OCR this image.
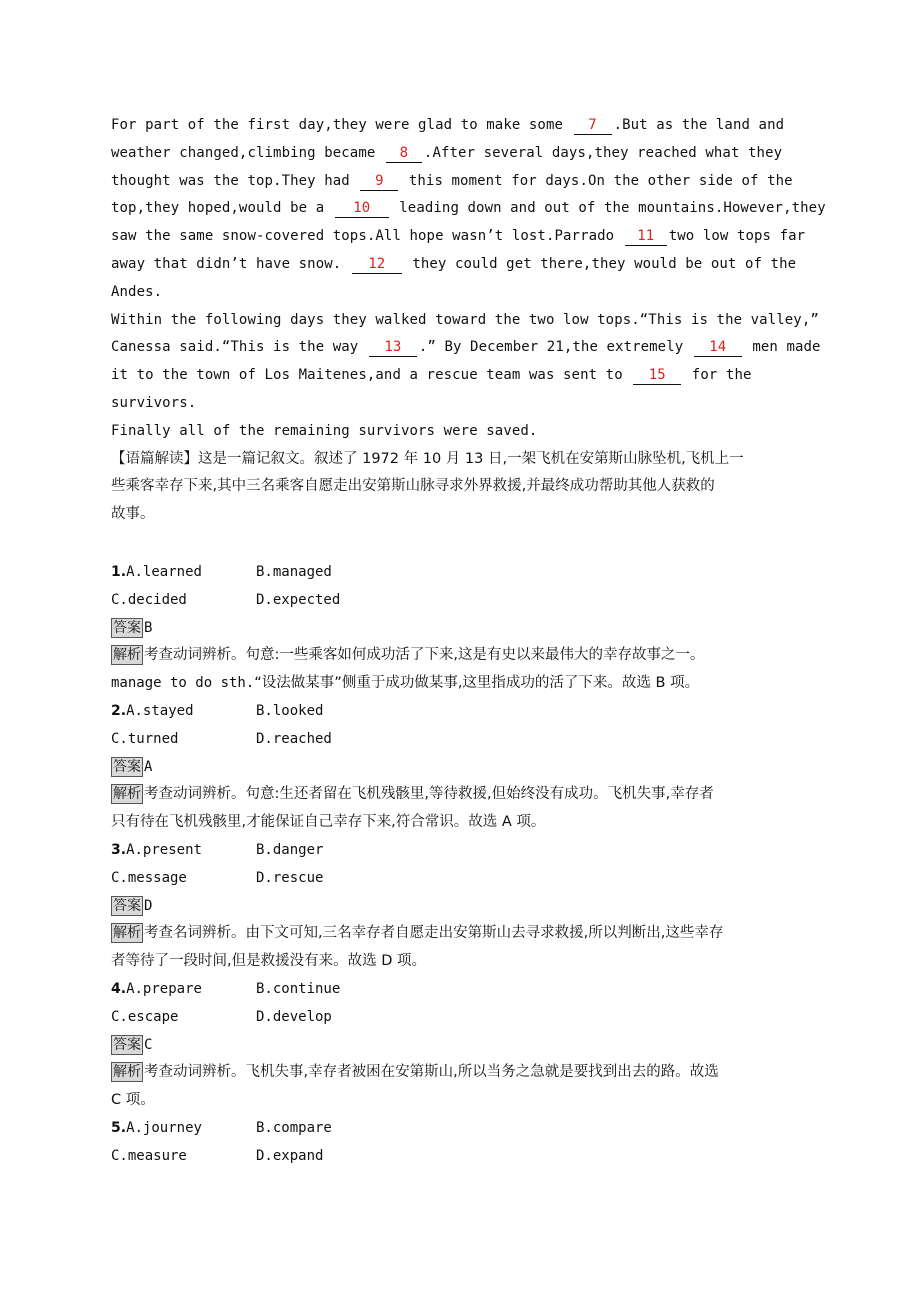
For part of the first day,they were glad to make some 7 .But as the land and
weather changed,climbing became 8 .After several days,they reached what they
thought was the top.They had 9 this moment for days.On the other side of the
top,they hoped,would be a 10 leading down and out of the mountains.However,they
saw the same snow-covered tops.All hope wasn’t lost.Parrado 11 two low tops far
away that didn’t have snow. 12 they could get there,they would be out of the
Andes.
Within the following days they walked toward the two low tops.“This is the valley,”
Canessa said.“This is the way 13 .” By December 21,the extremely 14 men made
it to the town of Los Maitenes,and a rescue team was sent to 15 for the
survivors.
Finally all of the remaining survivors were saved.
【语篇解读】这是一篇记叙文。叙述了 1972 年 10 月 13 日,一架飞机在安第斯山脉坠机,飞机上一
些乘客幸存下来,其中三名乘客自愿走出安第斯山脉寻求外界救援,并最终成功帮助其他人获救的
故事。
1.A.learned	B.managed
C.decided	D.expected
答案 B
解析 考查动词辨析。句意:一些乘客如何成功活了下来,这是有史以来最伟大的幸存故事之一。
manage to do sth.“设法做某事”侧重于成功做某事,这里指成功的活了下来。故选 B 项。
2.A.stayed	B.looked
C.turned	D.reached
答案 A
解析 考查动词辨析。句意:生还者留在飞机残骸里,等待救援,但始终没有成功。飞机失事,幸存者
只有待在飞机残骸里,才能保证自己幸存下来,符合常识。故选 A 项。
3.A.present	B.danger
C.message	D.rescue
答案 D
解析 考查名词辨析。由下文可知,三名幸存者自愿走出安第斯山去寻求救援,所以判断出,这些幸存
者等待了一段时间,但是救援没有来。故选 D 项。
4.A.prepare	B.continue
C.escape	D.develop
答案 C
解析 考查动词辨析。飞机失事,幸存者被困在安第斯山,所以当务之急就是要找到出去的路。故选
C 项。
5.A.journey	B.compare
C.measure	D.expand
